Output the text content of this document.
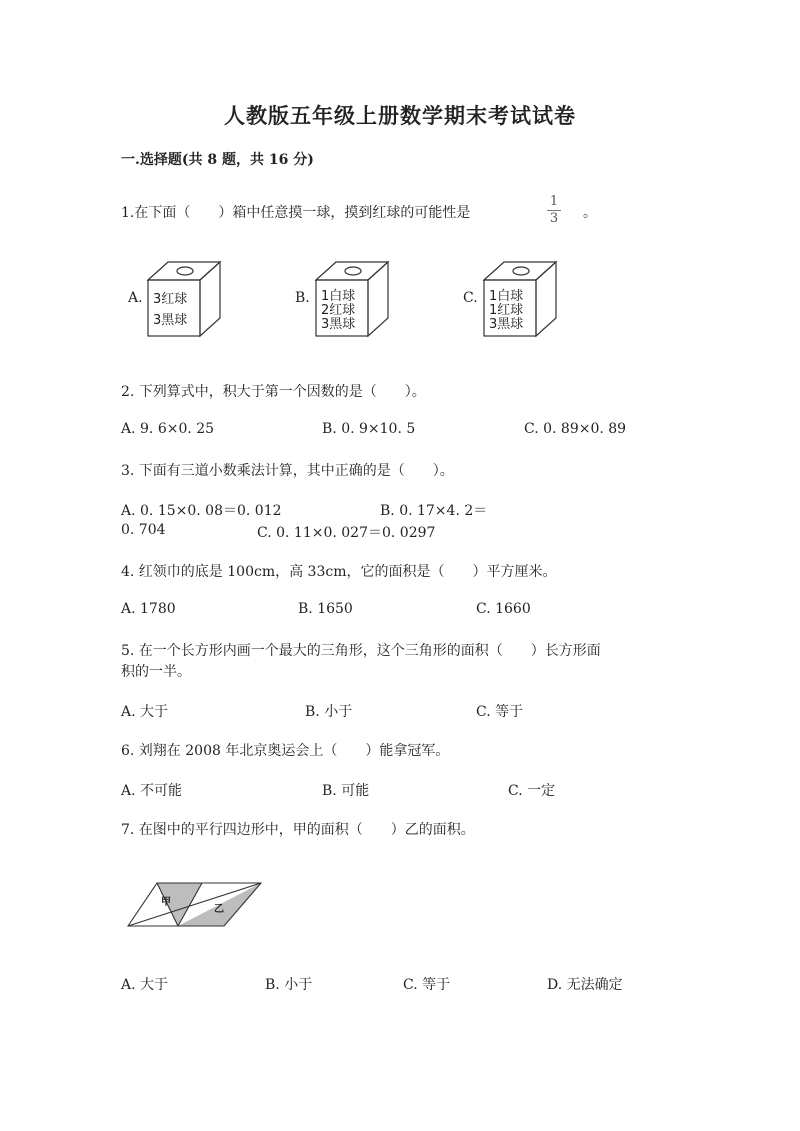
人教版五年级上册数学期末考试试卷
一.选择题(共 8 题，共 16 分)
1.在下面（　　）箱中任意摸一球，摸到红球的可能性是
1
3 。
A. 3红球
3黑球
B. 1白球
2红球
3黑球
C. 1白球
1红球
3黑球
2. 下列算式中，积大于第一个因数的是（　　）。
A. 9. 6×0. 25	B. 0. 9×10. 5	C. 0. 89×0. 89
3. 下面有三道小数乘法计算，其中正确的是（　　）。
A. 0. 15×0. 08＝0. 012	B. 0. 17×4. 2＝
0. 704	C. 0. 11×0. 027＝0. 0297
4. 红领巾的底是 100cm，高 33cm，它的面积是（　　）平方厘米。
A. 1780	B. 1650	C. 1660
5. 在一个长方形内画一个最大的三角形，这个三角形的面积（　　）长方形面
积的一半。
A. 大于	B. 小于	C. 等于
6. 刘翔在 2008 年北京奥运会上（　　）能拿冠军。
A. 不可能	B. 可能	C. 一定
7. 在图中的平行四边形中，甲的面积（　　）乙的面积。
甲
乙
A. 大于	B. 小于	C. 等于	D. 无法确定
